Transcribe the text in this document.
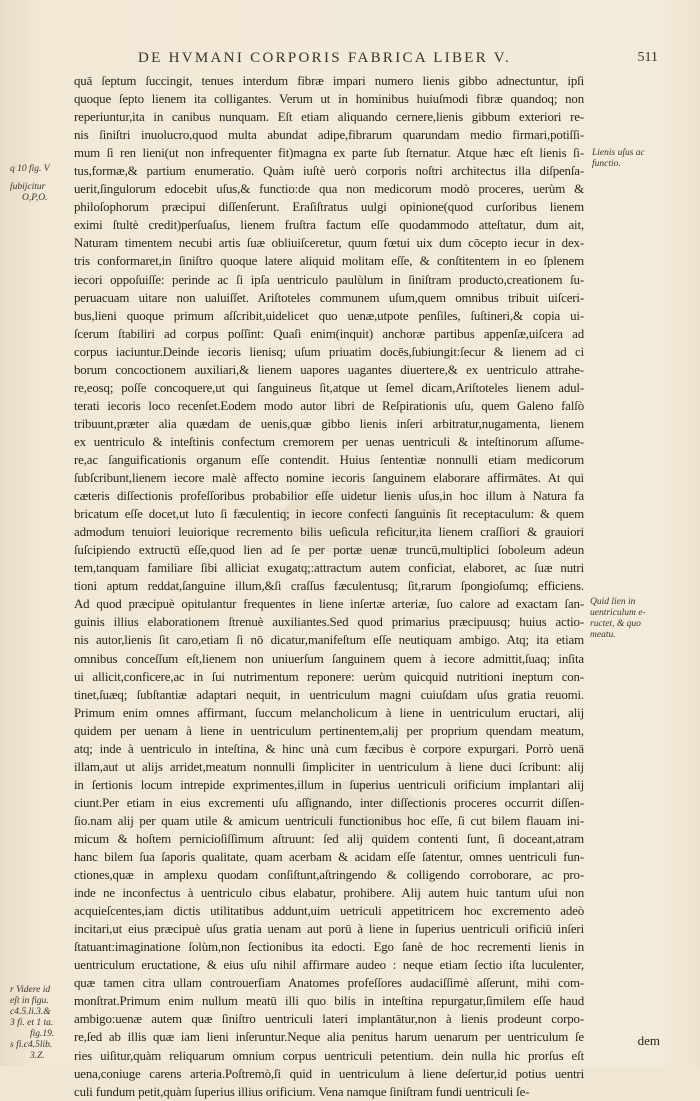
DE HVMANI CORPORIS FABRICA LIBER V.	511
quā ſeptum ſuccingit, tenues interdum fibræ impari numero lienis gibbo adnectuntur, ipſi
quoque ſepto lienem ita colligantes. Verum ut in hominibus huiuſmodi fibræ quandoq; non
reperiuntur,ita in canibus nunquam. Eſt etiam aliquando cernere,lienis gibbum exteriori re-
nis ſiniſtri inuolucro,quod multa abundat adipe,fibrarum quarundam medio firmari,potiſſi-
mum ſi ren lieni(ut non infrequenter fit)magna ex parte ſub ſternatur. Atque hæc eſt lienis ſi-
tus,formæ,& partium enumeratio. Quàm iuſtè uerò corporis noſtri architectus illa diſpenſa-
uerit,ſingulorum edocebit uſus,& functio:de qua non medicorum modò proceres, uerùm &
philoſophorum præcipui diſſenſerunt. Eraſiſtratus uulgi opinione(quod curſoribus lienem
eximi ſtultè credit)perſuaſus, lienem fruſtra factum eſſe quodammodo atteſtatur, dum ait,
Naturam timentem necubi artis ſuæ obliuiſceretur, quum fœtui uix dum cōcepto iecur in dex-
tris conformaret,in ſiniſtro quoque latere aliquid molitam eſſe, & conſtitentem in eo ſplenem
iecori oppoſuiſſe: perinde ac ſi ipſa uentriculo paulùlum in ſiniſtram producto,creationem ſu-
peruacuam uitare non ualuiſſet. Ariſtoteles communem uſum,quem omnibus tribuit uiſceri-
bus,lieni quoque primum aſſcribit,uidelicet quo uenæ,utpote penſiles, ſuſtineri,& copia ui-
ſcerum ſtabiliri ad corpus poſſint: Quaſi enim(inquit) anchoræ partibus appenſæ,uiſcera ad
corpus iaciuntur.Deinde iecoris lienisq; uſum priuatim docēs,ſubiungit:ſecur & lienem ad ci
borum concoctionem auxiliari,& lienem uapores uagantes diuertere,& ex uentriculo attrahe-
re,eosq; poſſe concoquere,ut qui ſanguineus ſit,atque ut ſemel dicam,Ariſtoteles lienem adul-
terati iecoris loco recenſet.Eodem modo autor libri de Reſpirationis uſu, quem Galeno falſò
tribuunt,præter alia quædam de uenis,quæ gibbo lienis inſeri arbitratur,nugamenta, lienem
ex uentriculo & inteſtinis confectum cremorem per uenas uentriculi & inteſtinorum aſſume-
re,ac ſanguificationis organum eſſe contendit. Huius ſententiæ nonnulli etiam medicorum
ſubſcribunt,lienem iecore malè affecto nomine iecoris ſanguinem elaborare affirmātes. At qui
cæteris diſſectionis profeſſoribus probabilior eſſe uidetur lienis uſus,in hoc illum à Natura fa
bricatum eſſe docet,ut luto ſi fæculentiq; in iecore confecti ſanguinis ſit receptaculum: & quem
admodum tenuiori leuiorique recremento bilis ueſicula reficitur,ita lienem craſſiori & grauiori
ſuſcipiendo extructū eſſe,quod lien ad ſe per portæ uenæ truncū,multiplici ſoboleum adeun
tem,tanquam familiare ſibi alliciat exugatq;:attractum autem conficiat, elaboret, ac ſuæ nutri
tioni aptum reddat,ſanguine illum,&ſi craſſus fæculentusq; ſit,rarum ſpongioſumq; efficiens.
Ad quod præcipuè opitulantur frequentes in liene inſertæ arteriæ, ſuo calore ad exactam ſan-
guinis illius elaborationem ſtrenuè auxiliantes.Sed quod primarius præcipuusq; huius actio-
nis autor,lienis ſit caro,etiam ſi nō dicatur,manifeſtum eſſe neutiquam ambigo. Atq; ita etiam
omnibus conceſſum eſt,lienem non uniuerſum ſanguinem quem à iecore admittit,ſuaq; inſita
ui allicit,conficere,ac in ſui nutrimentum reponere: uerùm quicquid nutritioni ineptum con-
tinet,ſuæq; ſubſtantiæ adaptari nequit, in uentriculum magni cuiuſdam uſus gratia reuomi.
Primum enim omnes affirmant, ſuccum melancholicum à liene in uentriculum eructari, alij
quidem per uenam à liene in uentriculum pertinentem,alij per proprium quendam meatum,
atq; inde à uentriculo in inteſtina, & hinc unà cum fæcibus è corpore expurgari. Porrò uenā
illam,aut ut alijs arridet,meatum nonnulli ſimpliciter in uentriculum à liene duci ſcribunt: alij
in ſertionis locum intrepide exprimentes,illum in ſuperius uentriculi orificium implantari alij
ciunt.Per etiam in eius excrementi uſu aſſignando, inter diſſectionis proceres occurrit diſſen-
ſio.nam alij per quam utile & amicum uentriculi functionibus hoc eſſe, ſi cut bilem flauam ini-
micum & hoſtem pernicioſiſſimum aſtruunt: ſed alij quidem contenti ſunt, ſi doceant,atram
hanc bilem ſua ſaporis qualitate, quam acerbam & acidam eſſe ſatentur, omnes uentriculi fun-
ctiones,quæ in amplexu quodam conſiſtunt,aſtringendo & colligendo corroborare, ac pro-
inde ne inconfectus à uentriculo cibus elabatur, prohibere. Alij autem huic tantum uſui non
acquieſcentes,iam dictis utilitatibus addunt,uim uetriculi appetitricem hoc excremento adeò
incitari,ut eius præcipuè uſus gratia uenam aut porū à liene in ſuperius uentriculi orificiū inſeri
ſtatuant:imaginatione ſolùm,non ſectionibus ita edocti. Ego ſanè de hoc recrementi lienis in
uentriculum eructatione, & eius uſu nihil affirmare audeo : neque etiam ſectio iſta luculenter,
quæ tamen citra ullam controuerſiam Anatomes profeſſores audaciſſimè aſſerunt, mihi com-
monſtrat.Primum enim nullum meatū illi quo bilis in inteſtina repurgatur,ſimilem eſſe haud
ambigo:uenæ autem quæ ſiniſtro uentriculi lateri implantātur,non à lienis prodeunt corpo-
re,ſed ab illis quæ iam lieni inſeruntur.Neque alia penitus harum uenarum per uentriculum ſe
ries uiſitur,quàm reliquarum omnium corpus uentriculi petentium. dein nulla hic prorſus eſt
uena,coniuge carens arteria.Poſtremò,ſi quid in uentriculum à liene deſertur,id potius uentri
culi fundum petit,quàm ſuperius illius orificium. Vena namque ſiniſtram fundi uentriculi ſe-
q 10 fig. V
ſubijcitur
O,P,O.
r Videre id
eſt in figu.
c4.5.li.3.&
3 fi. et 1 ta.
fig.19.
s fi.c4.5lib.
3.Z.
Lienis uſus ac
functio.
Quid lien in
uentriculum e-
ructet, & quo
meatu.
dem
